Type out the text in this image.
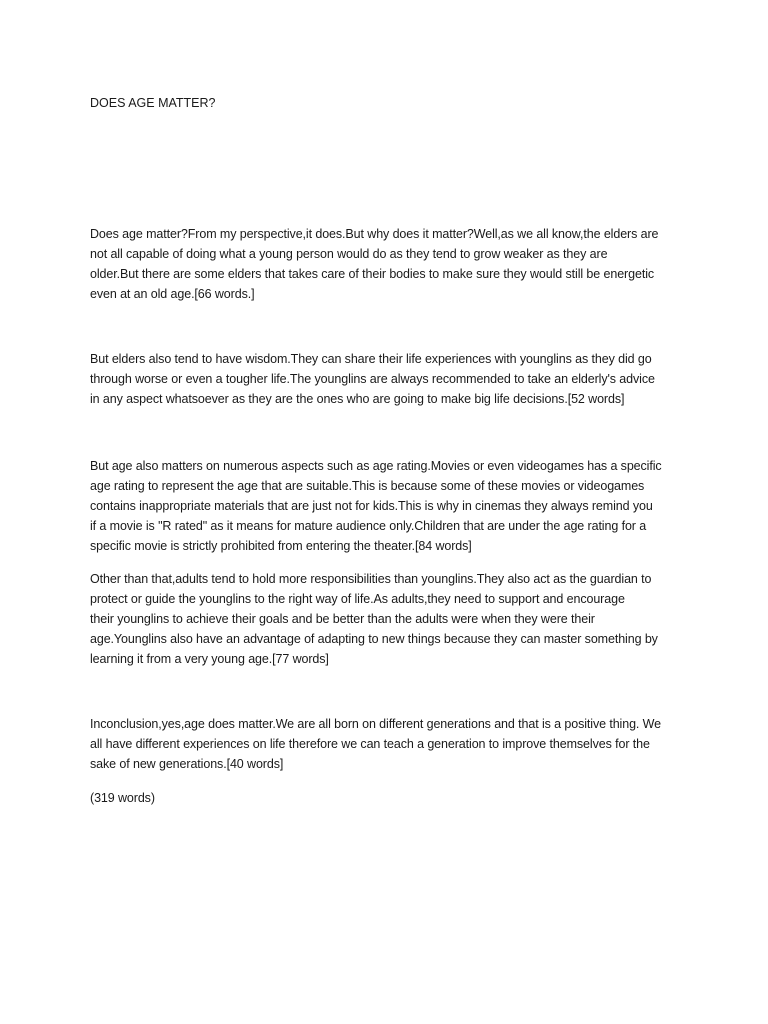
DOES AGE MATTER?

Does age matter?From my perspective,it does.But why does it matter?Well,as we all know,the elders are
not all capable of doing what a young person would do as they tend to grow weaker as they are
older.But there are some elders that takes care of their bodies to make sure they would still be energetic
even at an old age.[66 words.]

But elders also tend to have wisdom.They can share their life experiences with younglins as they did go
through worse or even a tougher life.The younglins are always recommended to take an elderly's advice
in any aspect whatsoever as they are the ones who are going to make big life decisions.[52 words]

But age also matters on numerous aspects such as age rating.Movies or even videogames has a specific
age rating to represent the age that are suitable.This is because some of these movies or videogames
contains inappropriate materials that are just not for kids.This is why in cinemas they always remind you
if a movie is "R rated" as it means for mature audience only.Children that are under the age rating for a
specific movie is strictly prohibited from entering the theater.[84 words]

Other than that,adults tend to hold more responsibilities than younglins.They also act as the guardian to
protect or guide the younglins to the right way of life.As adults,they need to support and encourage
their younglins to achieve their goals and be better than the adults were when they were their
age.Younglins also have an advantage of adapting to new things because they can master something by
learning it from a very young age.[77 words]

Inconclusion,yes,age does matter.We are all born on different generations and that is a positive thing. We
all have different experiences on life therefore we can teach a generation to improve themselves for the
sake of new generations.[40 words]

(319 words)
